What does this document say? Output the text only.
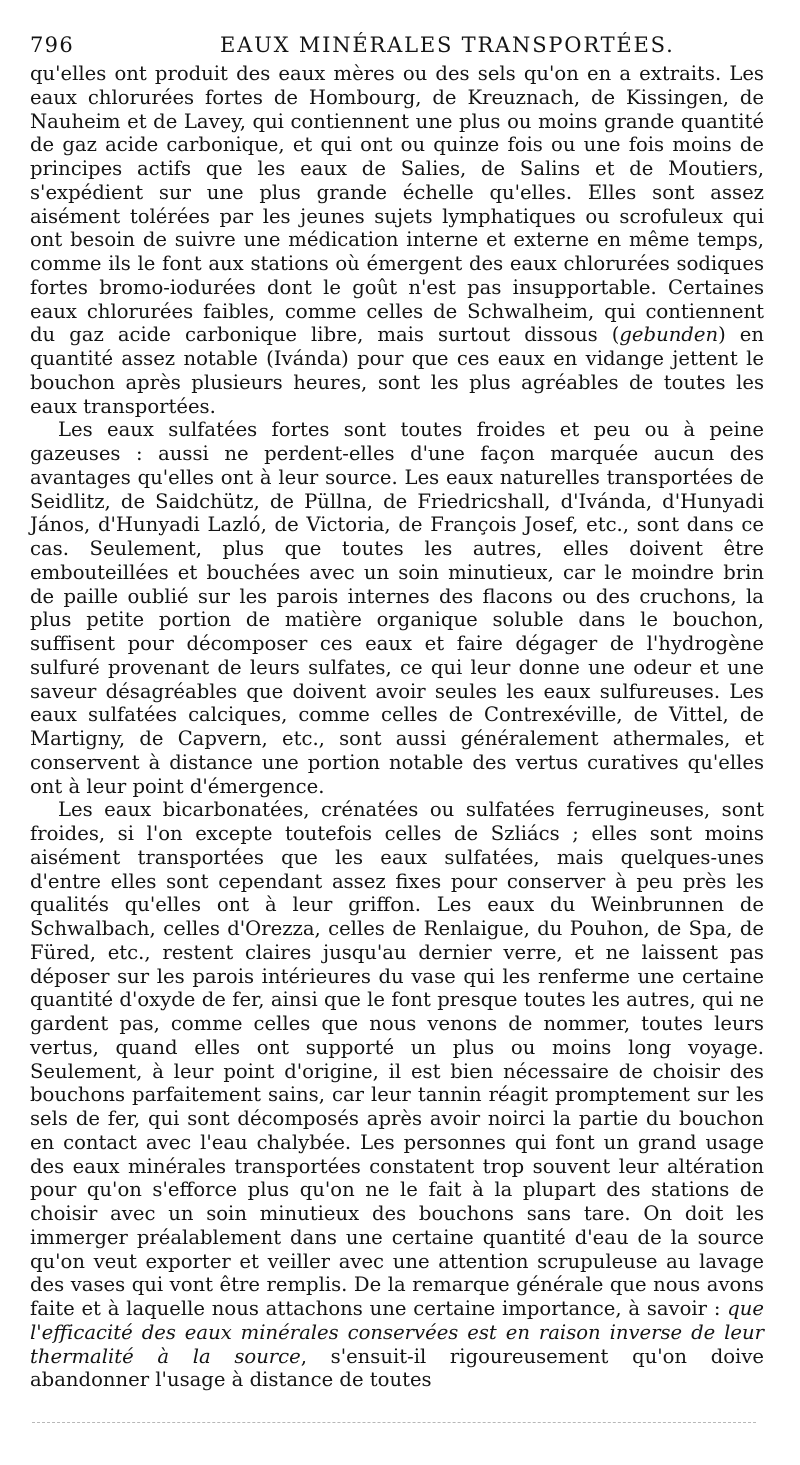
796	EAUX MINÉRALES TRANSPORTÉES.

qu'elles ont produit des eaux mères ou des sels qu'on en a extraits. Les eaux chlorurées fortes de Hombourg, de Kreuznach, de Kissingen, de Nauheim et de Lavey, qui contiennent une plus ou moins grande quantité de gaz acide carbonique, et qui ont ou quinze fois ou une fois moins de principes actifs que les eaux de Salies, de Salins et de Moutiers, s'expédient sur une plus grande échelle qu'elles. Elles sont assez aisément tolérées par les jeunes sujets lymphatiques ou scrofuleux qui ont besoin de suivre une médication interne et externe en même temps, comme ils le font aux stations où émergent des eaux chlorurées sodiques fortes bromo-iodurées dont le goût n'est pas insupportable. Certaines eaux chlorurées faibles, comme celles de Schwalheim, qui contiennent du gaz acide carbonique libre, mais surtout dissous (gebunden) en quantité assez notable (Ivánda) pour que ces eaux en vidange jettent le bouchon après plusieurs heures, sont les plus agréables de toutes les eaux transportées.

Les eaux sulfatées fortes sont toutes froides et peu ou à peine gazeuses : aussi ne perdent-elles d'une façon marquée aucun des avantages qu'elles ont à leur source. Les eaux naturelles transportées de Seidlitz, de Saidchütz, de Püllna, de Friedricshall, d'Ivánda, d'Hunyadi János, d'Hunyadi Lazló, de Victoria, de François Josef, etc., sont dans ce cas. Seulement, plus que toutes les autres, elles doivent être embouteillées et bouchées avec un soin minutieux, car le moindre brin de paille oublié sur les parois internes des flacons ou des cruchons, la plus petite portion de matière organique soluble dans le bouchon, suffisent pour décomposer ces eaux et faire dégager de l'hydrogène sulfuré provenant de leurs sulfates, ce qui leur donne une odeur et une saveur désagréables que doivent avoir seules les eaux sulfureuses. Les eaux sulfatées calciques, comme celles de Contrexéville, de Vittel, de Martigny, de Capvern, etc., sont aussi généralement athermales, et conservent à distance une portion notable des vertus curatives qu'elles ont à leur point d'émergence.

Les eaux bicarbonatées, crénatées ou sulfatées ferrugineuses, sont froides, si l'on excepte toutefois celles de Szliács ; elles sont moins aisément transportées que les eaux sulfatées, mais quelques-unes d'entre elles sont cependant assez fixes pour conserver à peu près les qualités qu'elles ont à leur griffon. Les eaux du Weinbrunnen de Schwalbach, celles d'Orezza, celles de Renlaigue, du Pouhon, de Spa, de Füred, etc., restent claires jusqu'au dernier verre, et ne laissent pas déposer sur les parois intérieures du vase qui les renferme une certaine quantité d'oxyde de fer, ainsi que le font presque toutes les autres, qui ne gardent pas, comme celles que nous venons de nommer, toutes leurs vertus, quand elles ont supporté un plus ou moins long voyage. Seulement, à leur point d'origine, il est bien nécessaire de choisir des bouchons parfaitement sains, car leur tannin réagit promptement sur les sels de fer, qui sont décomposés après avoir noirci la partie du bouchon en contact avec l'eau chalybée. Les personnes qui font un grand usage des eaux minérales transportées constatent trop souvent leur altération pour qu'on s'efforce plus qu'on ne le fait à la plupart des stations de choisir avec un soin minutieux des bouchons sans tare. On doit les immerger préalablement dans une certaine quantité d'eau de la source qu'on veut exporter et veiller avec une attention scrupuleuse au lavage des vases qui vont être remplis. De la remarque générale que nous avons faite et à laquelle nous attachons une certaine importance, à savoir : que l'efficacité des eaux minérales conservées est en raison inverse de leur thermalité à la source, s'ensuit-il rigoureusement qu'on doive abandonner l'usage à distance de toutes
